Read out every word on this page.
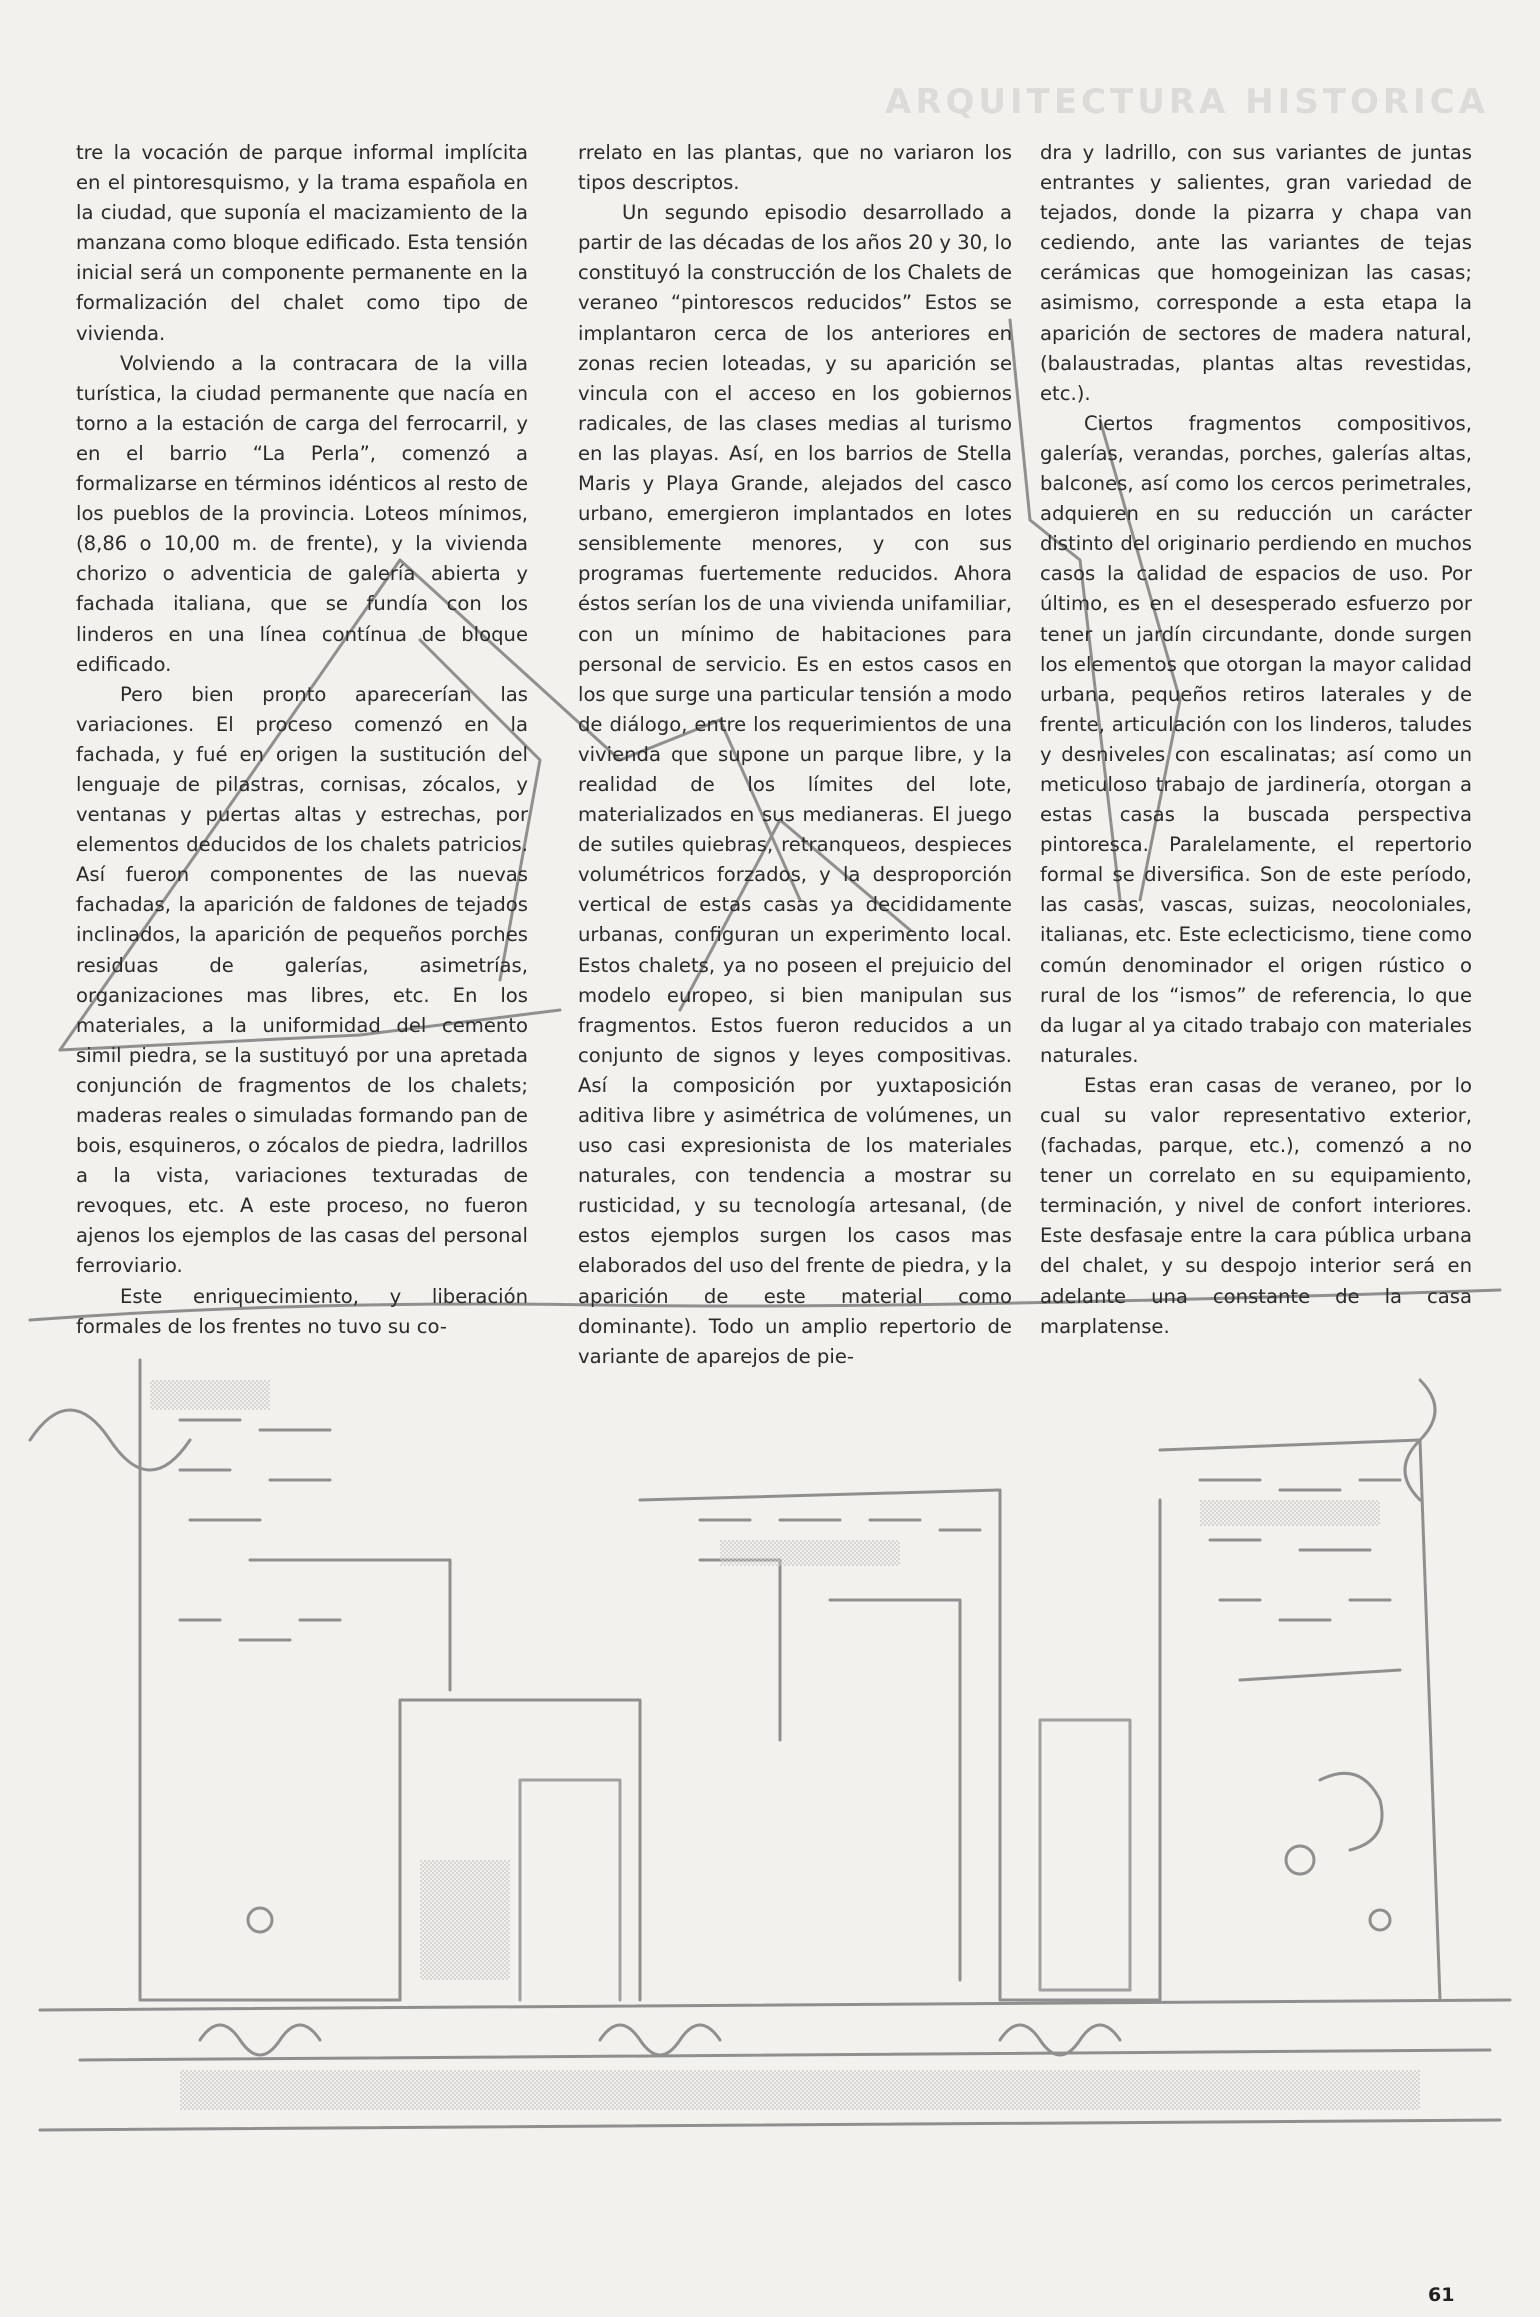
ARQUITECTURA HISTORICA

tre la vocación de parque informal implícita en el pintoresquismo, y la trama española en la ciudad, que suponía el macizamiento de la manzana como bloque edificado. Esta tensión inicial será un componente permanente en la formalización del chalet como tipo de vivienda.

Volviendo a la contracara de la villa turística, la ciudad permanente que nacía en torno a la estación de carga del ferrocarril, y en el barrio “La Perla”, comenzó a formalizarse en términos idénticos al resto de los pueblos de la provincia. Loteos mínimos, (8,86 o 10,00 m. de frente), y la vivienda chorizo o adventicia de galería abierta y fachada italiana, que se fundía con los linderos en una línea contínua de bloque edificado.

Pero bien pronto aparecerían las variaciones. El proceso comenzó en la fachada, y fué en origen la sustitución del lenguaje de pilastras, cornisas, zócalos, y ventanas y puertas altas y estrechas, por elementos deducidos de los chalets patricios. Así fueron componentes de las nuevas fachadas, la aparición de faldones de tejados inclinados, la aparición de pequeños porches residuas de galerías, asimetrías, organizaciones mas libres, etc. En los materiales, a la uniformidad del cemento simil piedra, se la sustituyó por una apretada conjunción de fragmentos de los chalets; maderas reales o simuladas formando pan de bois, esquineros, o zócalos de piedra, ladrillos a la vista, variaciones texturadas de revoques, etc. A este proceso, no fueron ajenos los ejemplos de las casas del personal ferroviario.

Este enriquecimiento, y liberación formales de los frentes no tuvo su co-

rrelato en las plantas, que no variaron los tipos descriptos.

Un segundo episodio desarrollado a partir de las décadas de los años 20 y 30, lo constituyó la construcción de los Chalets de veraneo “pintorescos reducidos” Estos se implantaron cerca de los anteriores en zonas recien loteadas, y su aparición se vincula con el acceso en los gobiernos radicales, de las clases medias al turismo en las playas. Así, en los barrios de Stella Maris y Playa Grande, alejados del casco urbano, emergieron implantados en lotes sensiblemente menores, y con sus programas fuertemente reducidos. Ahora éstos serían los de una vivienda unifamiliar, con un mínimo de habitaciones para personal de servicio. Es en estos casos en los que surge una particular tensión a modo de diálogo, entre los requerimientos de una vivienda que supone un parque libre, y la realidad de los límites del lote, materializados en sus medianeras. El juego de sutiles quiebras, retranqueos, despieces volumétricos forzados, y la desproporción vertical de estas casas ya decididamente urbanas, configuran un experimento local. Estos chalets, ya no poseen el prejuicio del modelo europeo, si bien manipulan sus fragmentos. Estos fueron reducidos a un conjunto de signos y leyes compositivas. Así la composición por yuxtaposición aditiva libre y asimétrica de volúmenes, un uso casi expresionista de los materiales naturales, con tendencia a mostrar su rusticidad, y su tecnología artesanal, (de estos ejemplos surgen los casos mas elaborados del uso del frente de piedra, y la aparición de este material como dominante). Todo un amplio repertorio de variante de aparejos de pie-

dra y ladrillo, con sus variantes de juntas entrantes y salientes, gran variedad de tejados, donde la pizarra y chapa van cediendo, ante las variantes de tejas cerámicas que homogeinizan las casas; asimismo, corresponde a esta etapa la aparición de sectores de madera natural, (balaustradas, plantas altas revestidas, etc.).

Ciertos fragmentos compositivos, galerías, verandas, porches, galerías altas, balcones, así como los cercos perimetrales, adquieren en su reducción un carácter distinto del originario perdiendo en muchos casos la calidad de espacios de uso. Por último, es en el desesperado esfuerzo por tener un jardín circundante, donde surgen los elementos que otorgan la mayor calidad urbana, pequeños retiros laterales y de frente, articulación con los linderos, taludes y desniveles con escalinatas; así como un meticuloso trabajo de jardinería, otorgan a estas casas la buscada perspectiva pintoresca. Paralelamente, el repertorio formal se diversifica. Son de este período, las casas, vascas, suizas, neocoloniales, italianas, etc. Este eclecticismo, tiene como común denominador el origen rústico o rural de los “ismos” de referencia, lo que da lugar al ya citado trabajo con materiales naturales.

Estas eran casas de veraneo, por lo cual su valor representativo exterior, (fachadas, parque, etc.), comenzó a no tener un correlato en su equipamiento, terminación, y nivel de confort interiores. Este desfasaje entre la cara pública urbana del chalet, y su despojo interior será en adelante una constante de la casa marplatense.

61
